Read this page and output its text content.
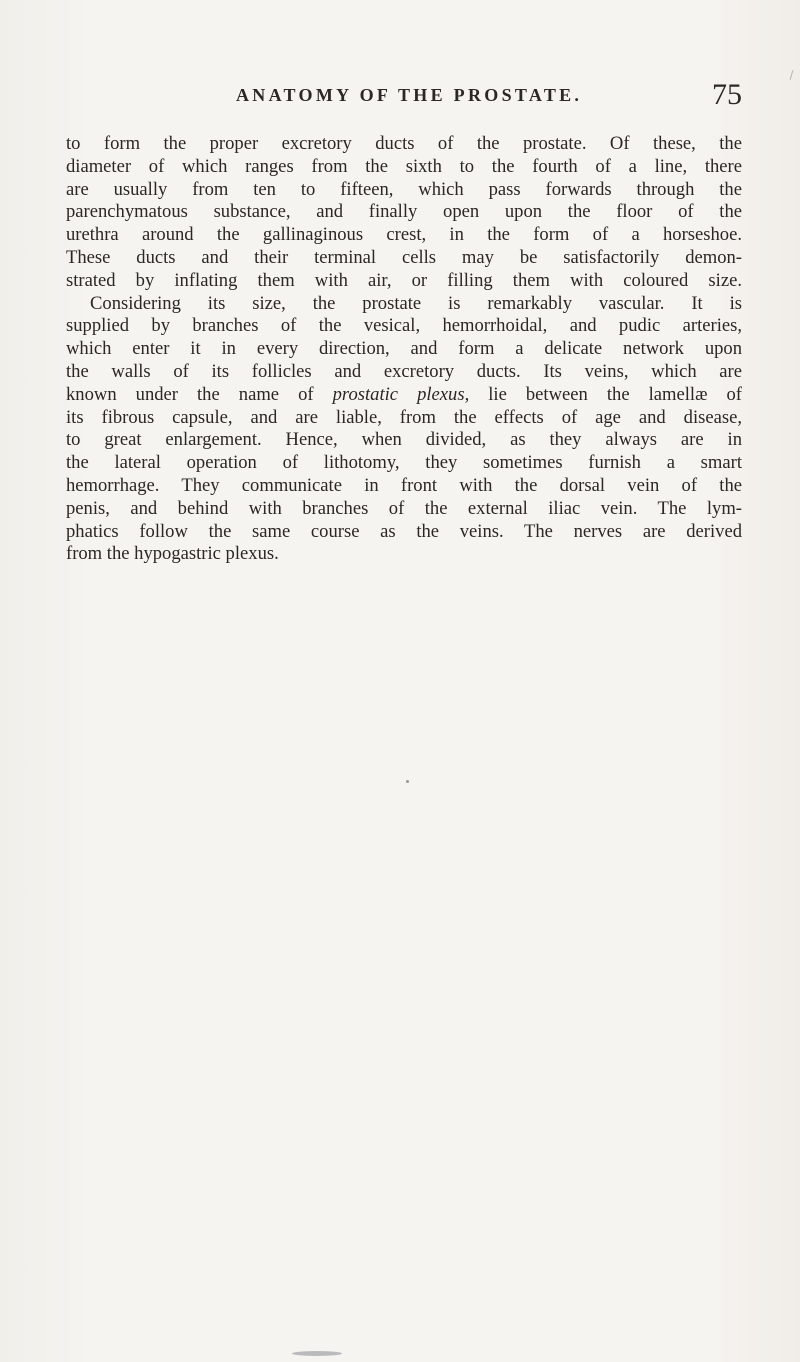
ANATOMY OF THE PROSTATE.	75
to form the proper excretory ducts of the prostate. Of these, the
diameter of which ranges from the sixth to the fourth of a line, there
are usually from ten to fifteen, which pass forwards through the
parenchymatous substance, and finally open upon the floor of the
urethra around the gallinaginous crest, in the form of a horseshoe.
These ducts and their terminal cells may be satisfactorily demon-
strated by inflating them with air, or filling them with coloured size.
Considering its size, the prostate is remarkably vascular. It is
supplied by branches of the vesical, hemorrhoidal, and pudic arteries,
which enter it in every direction, and form a delicate network upon
the walls of its follicles and excretory ducts. Its veins, which are
known under the name of prostatic plexus, lie between the lamellæ of
its fibrous capsule, and are liable, from the effects of age and disease,
to great enlargement. Hence, when divided, as they always are in
the lateral operation of lithotomy, they sometimes furnish a smart
hemorrhage. They communicate in front with the dorsal vein of the
penis, and behind with branches of the external iliac vein. The lym-
phatics follow the same course as the veins. The nerves are derived
from the hypogastric plexus.
